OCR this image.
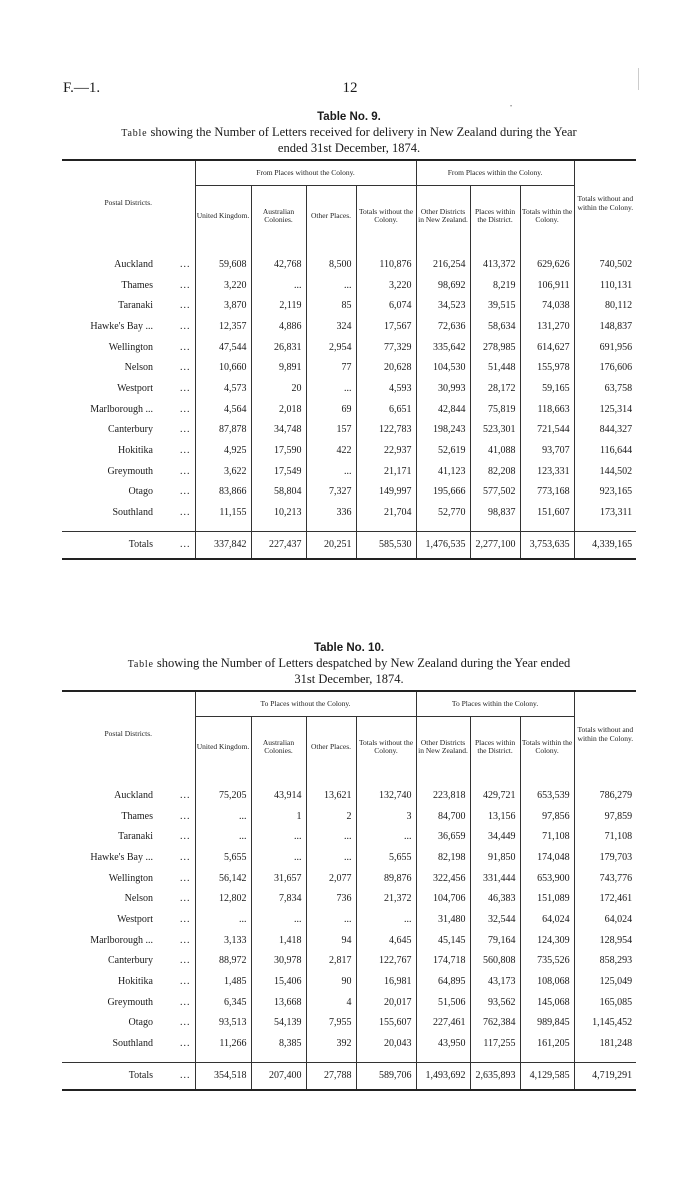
F.—1.	12
•
Table No. 9.
Table showing the Number of Letters received for delivery in New Zealand during the Year
ended 31st December, 1874.
Postal Districts.		From Places without the Colony.				From Places within the Colony.			Totals without and within the Colony.
		United Kingdom.	Australian Colonies.	Other Places.	Totals without the Colony.	Other Districts in New Zealand.	Places within the District.	Totals within the Colony.	

Auckland	...	59,608	42,768	8,500	110,876	216,254	413,372	629,626	740,502
Thames	...	3,220	...	...	3,220	98,692	8,219	106,911	110,131
Taranaki	...	3,870	2,119	85	6,074	34,523	39,515	74,038	80,112
Hawke's Bay ...	...	12,357	4,886	324	17,567	72,636	58,634	131,270	148,837
Wellington	...	47,544	26,831	2,954	77,329	335,642	278,985	614,627	691,956
Nelson	...	10,660	9,891	77	20,628	104,530	51,448	155,978	176,606
Westport	...	4,573	20	...	4,593	30,993	28,172	59,165	63,758
Marlborough ...	...	4,564	2,018	69	6,651	42,844	75,819	118,663	125,314
Canterbury	...	87,878	34,748	157	122,783	198,243	523,301	721,544	844,327
Hokitika	...	4,925	17,590	422	22,937	52,619	41,088	93,707	116,644
Greymouth	...	3,622	17,549	...	21,171	41,123	82,208	123,331	144,502
Otago	...	83,866	58,804	7,327	149,997	195,666	577,502	773,168	923,165
Southland	...	11,155	10,213	336	21,704	52,770	98,837	151,607	173,311

Totals	...	337,842	227,437	20,251	585,530	1,476,535	2,277,100	3,753,635	4,339,165
Table No. 10.
Table showing the Number of Letters despatched by New Zealand during the Year ended
31st December, 1874.
Postal Districts.		To Places without the Colony.				To Places within the Colony.			Totals without and within the Colony.
		United Kingdom.	Australian Colonies.	Other Places.	Totals without the Colony.	Other Districts in New Zealand.	Places within the District.	Totals within the Colony.	

Auckland	...	75,205	43,914	13,621	132,740	223,818	429,721	653,539	786,279
Thames	...	...	1	2	3	84,700	13,156	97,856	97,859
Taranaki	...	...	...	...	...	36,659	34,449	71,108	71,108
Hawke's Bay ...	...	5,655	...	...	5,655	82,198	91,850	174,048	179,703
Wellington	...	56,142	31,657	2,077	89,876	322,456	331,444	653,900	743,776
Nelson	...	12,802	7,834	736	21,372	104,706	46,383	151,089	172,461
Westport	...	...	...	...	...	31,480	32,544	64,024	64,024
Marlborough ...	...	3,133	1,418	94	4,645	45,145	79,164	124,309	128,954
Canterbury	...	88,972	30,978	2,817	122,767	174,718	560,808	735,526	858,293
Hokitika	...	1,485	15,406	90	16,981	64,895	43,173	108,068	125,049
Greymouth	...	6,345	13,668	4	20,017	51,506	93,562	145,068	165,085
Otago	...	93,513	54,139	7,955	155,607	227,461	762,384	989,845	1,145,452
Southland	...	11,266	8,385	392	20,043	43,950	117,255	161,205	181,248

Totals	...	354,518	207,400	27,788	589,706	1,493,692	2,635,893	4,129,585	4,719,291
